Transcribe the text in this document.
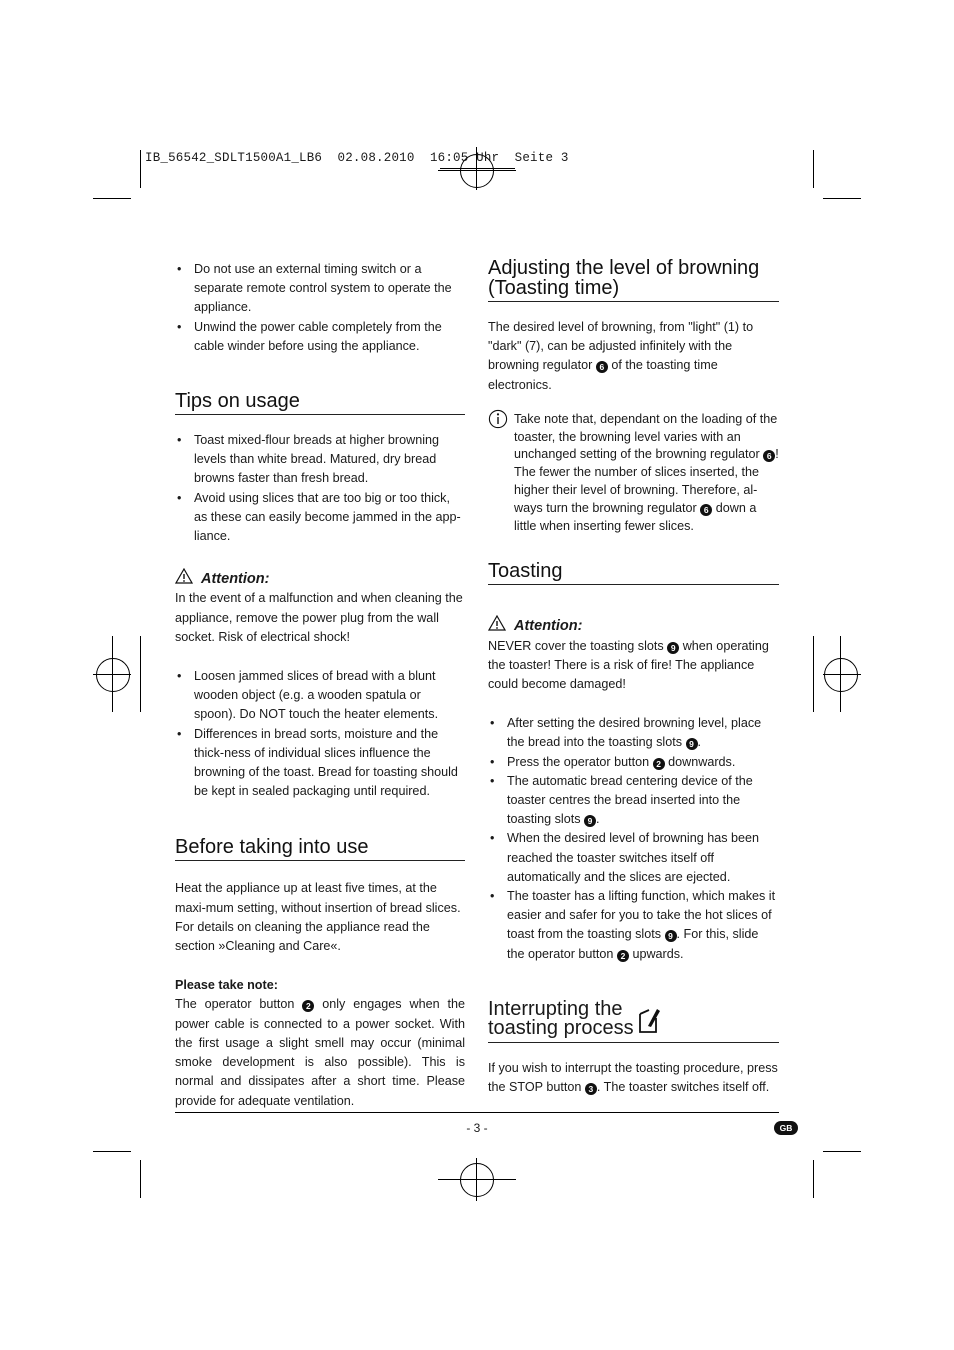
IB_56542_SDLT1500A1_LB6  02.08.2010  16:05 Uhr  Seite 3
• Do not use an external timing switch or a separate remote control system to operate the appliance.
• Unwind the power cable completely from the cable winder before using the appliance.
Tips on usage
• Toast mixed-flour breads at higher browning levels than white bread. Matured, dry bread browns faster than fresh bread.
• Avoid using slices that are too big or too thick, as these can easily become jammed in the app-liance.
Attention:

In the event of a malfunction and when cleaning the appliance, remove the power plug from the wall socket. Risk of electrical shock!

• Loosen jammed slices of bread with a blunt wooden object (e.g. a wooden spatula or spoon). Do NOT touch the heater elements.
• Differences in bread sorts, moisture and the thick-ness of individual slices influence the browning of the toast. Bread for toasting should be kept in sealed packaging until required.
Before taking into use

Heat the appliance up at least five times, at the maxi-mum setting, without insertion of bread slices. For details on cleaning the appliance read the section »Cleaning and Care«.

Please take note:

The operator button 2 only engages when the power cable is connected to a power socket. With the first usage a slight smell may occur (minimal smoke development is also possible). This is normal and dissipates after a short time. Please provide for adequate ventilation.

Adjusting the level of browning (Toasting time)

The desired level of browning, from "light" (1) to "dark" (7), can be adjusted infinitely with the browning regulator 6 of the toasting time electronics.

Take note that, dependant on the loading of the toaster, the browning level varies with an unchanged setting of the browning regulator 6 ! The fewer the number of slices inserted, the higher their level of browning. Therefore, al-ways turn the browning regulator 6 down a little when inserting fewer slices.
Toasting
Attention:

NEVER cover the toasting slots 9 when operating the toaster! There is a risk of fire! The appliance could become damaged!

• After setting the desired browning level, place the bread into the toasting slots 9 .
• Press the operator button 2 downwards.
• The automatic bread centering device of the toaster centres the bread inserted into the toasting slots 9 .
• When the desired level of browning has been reached the toaster switches itself off automatically and the slices are ejected.
• The toaster has a lifting function, which makes it easier and safer for you to take the hot slices of toast from the toasting slots 9 . For this, slide the operator button 2 upwards.
Interrupting the
toasting process

If you wish to interrupt the toasting procedure, press the STOP button 3 . The toaster switches itself off.

- 3 -	GB
